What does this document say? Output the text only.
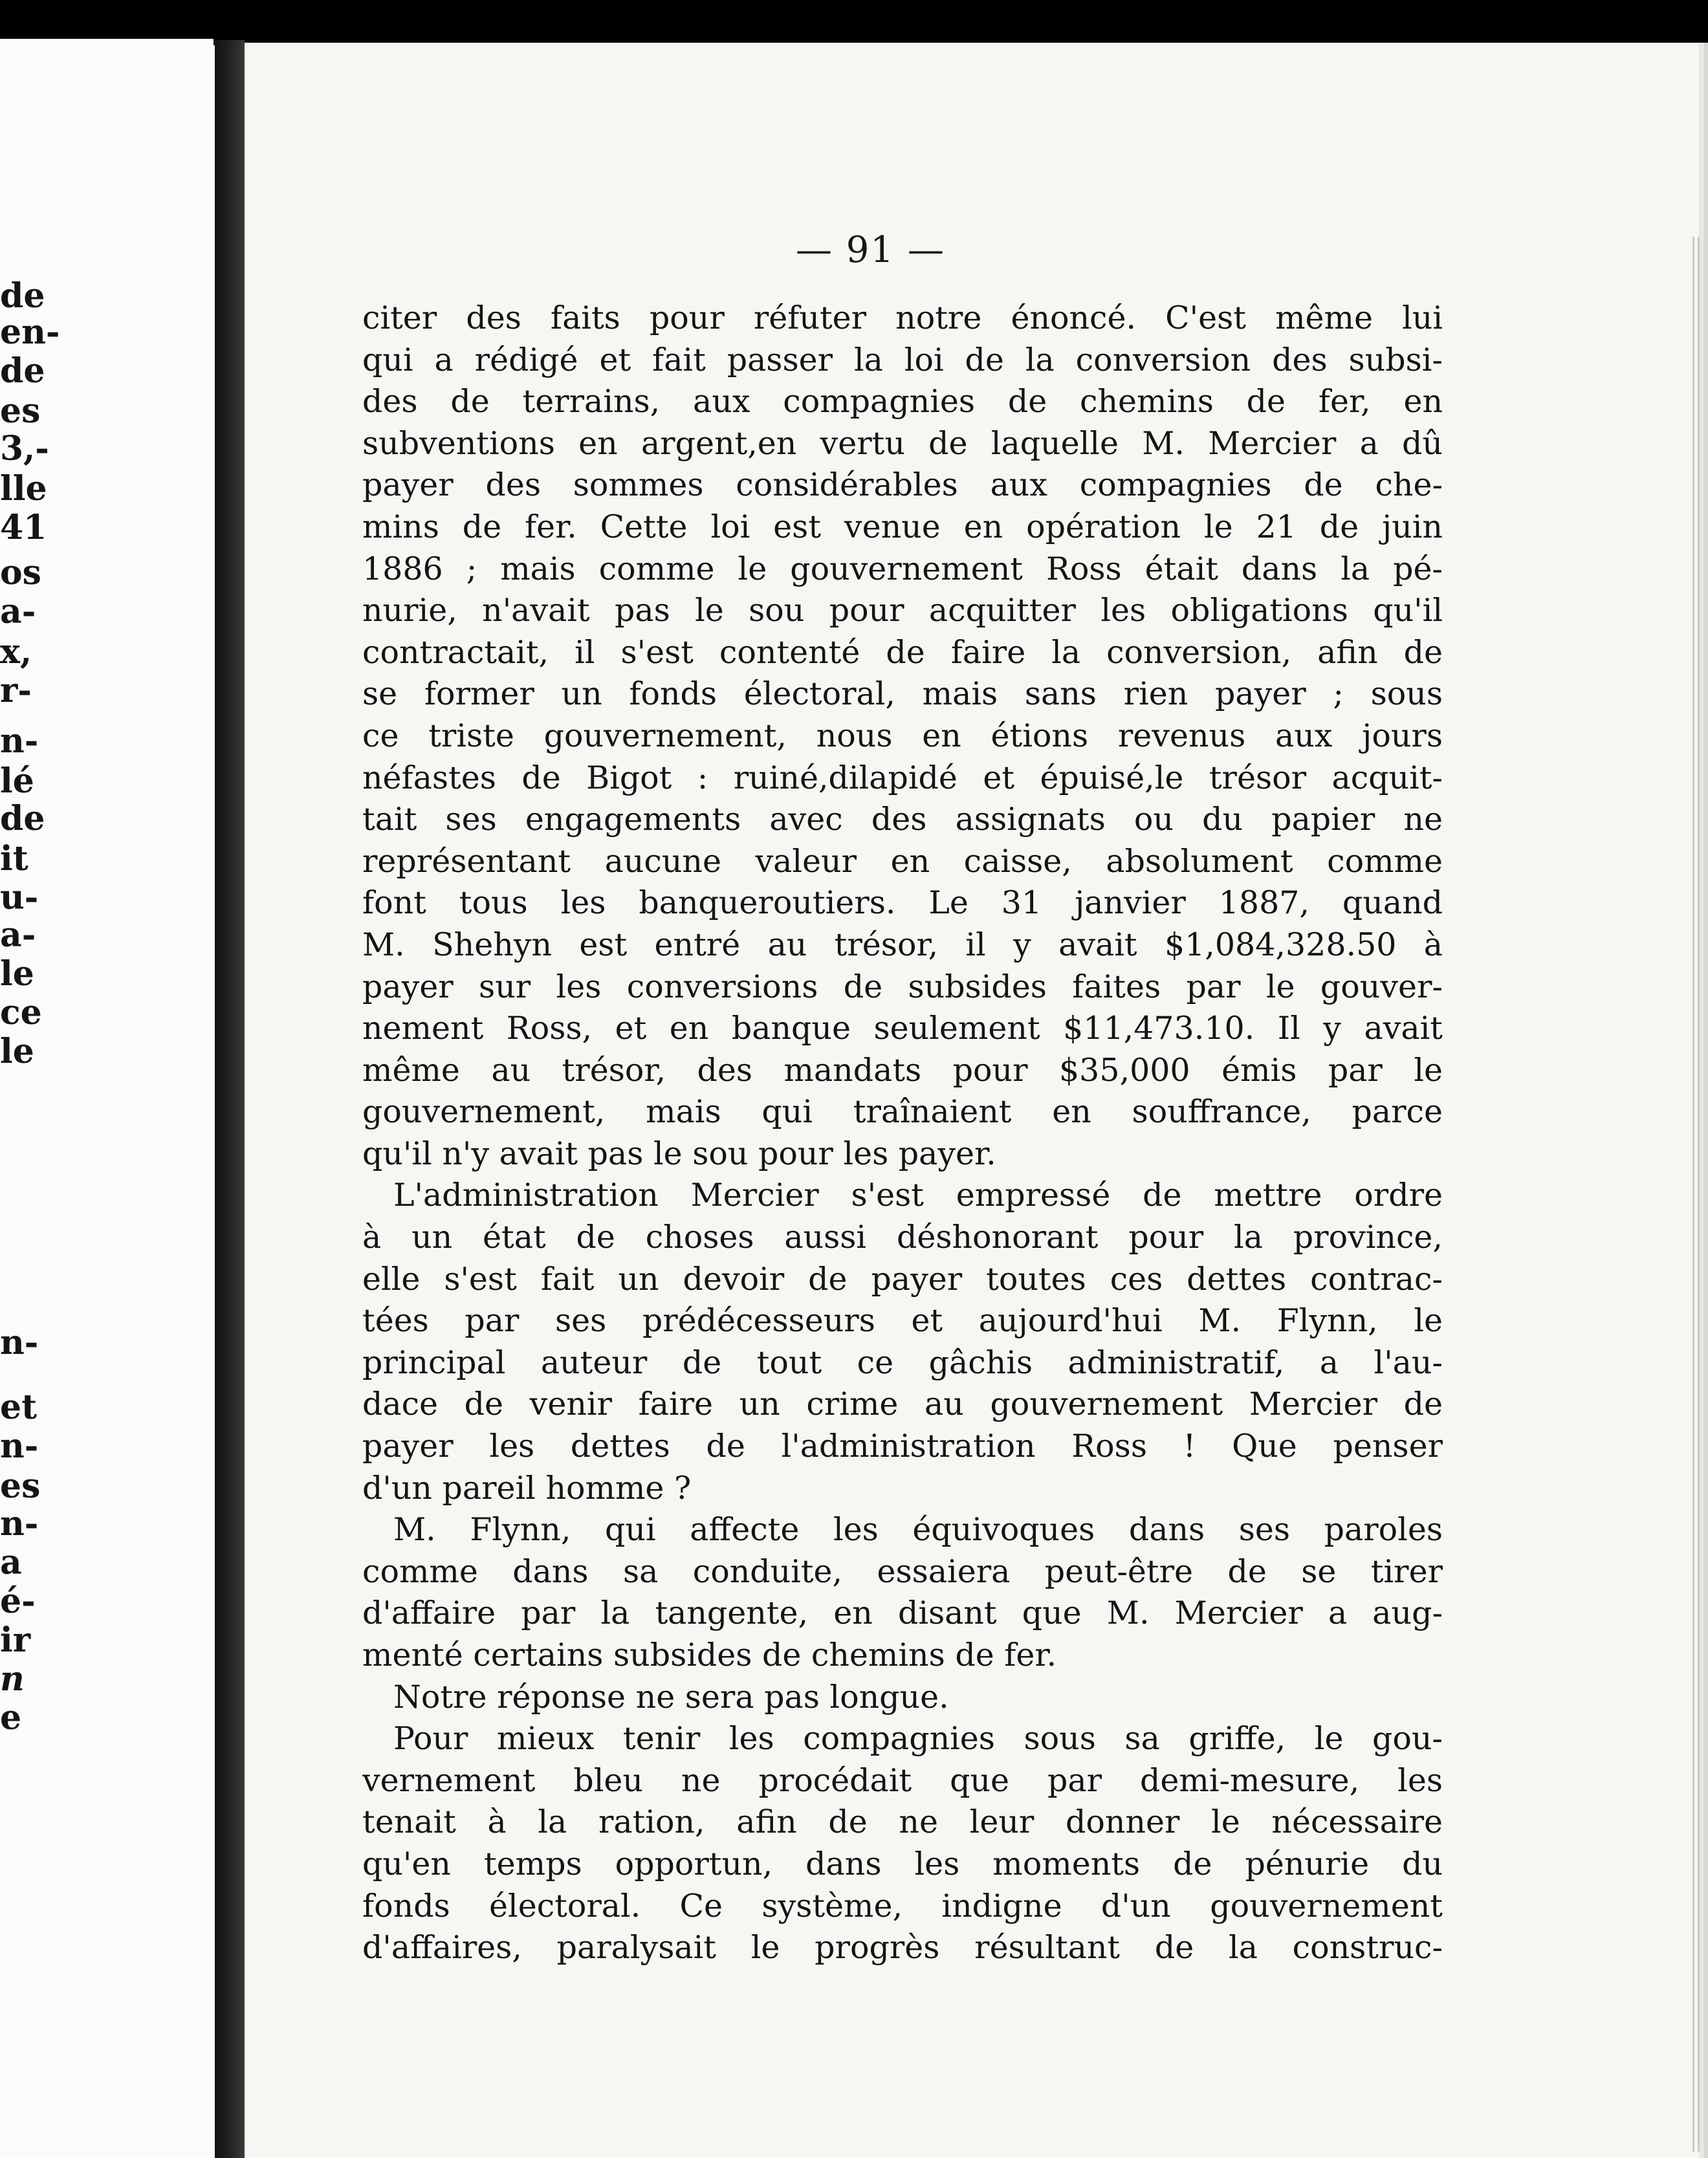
de

en-

de

es

3,-

lle

41

os

a-

x,

r-

n-

lé

de

it

u-

a-

le

ce

le

n-

et

n-

es

n-

a

é-

ir

n

e

— 91 —

citer des faits pour réfuter notre énoncé. C'est même lui
qui a rédigé et fait passer la loi de la conversion des subsi-
des de terrains, aux compagnies de chemins de fer, en
subventions en argent,en vertu de laquelle M. Mercier a dû
payer des sommes considérables aux compagnies de che-
mins de fer. Cette loi est venue en opération le 21 de juin
1886 ; mais comme le gouvernement Ross était dans la pé-
nurie, n'avait pas le sou pour acquitter les obligations qu'il
contractait, il s'est contenté de faire la conversion, afin de
se former un fonds électoral, mais sans rien payer ; sous
ce triste gouvernement, nous en étions revenus aux jours
néfastes de Bigot : ruiné,dilapidé et épuisé,le trésor acquit-
tait ses engagements avec des assignats ou du papier ne
représentant aucune valeur en caisse, absolument comme
font tous les banqueroutiers. Le 31 janvier 1887, quand
M. Shehyn est entré au trésor, il y avait $1,084,328.50 à
payer sur les conversions de subsides faites par le gouver-
nement Ross, et en banque seulement $11,473.10. Il y avait
même au trésor, des mandats pour $35,000 émis par le
gouvernement, mais qui traînaient en souffrance, parce
qu'il n'y avait pas le sou pour les payer.
L'administration Mercier s'est empressé de mettre ordre
à un état de choses aussi déshonorant pour la province,
elle s'est fait un devoir de payer toutes ces dettes contrac-
tées par ses prédécesseurs et aujourd'hui M. Flynn, le
principal auteur de tout ce gâchis administratif, a l'au-
dace de venir faire un crime au gouvernement Mercier de
payer les dettes de l'administration Ross ! Que penser
d'un pareil homme ?
M. Flynn, qui affecte les équivoques dans ses paroles
comme dans sa conduite, essaiera peut-être de se tirer
d'affaire par la tangente, en disant que M. Mercier a aug-
menté certains subsides de chemins de fer.
Notre réponse ne sera pas longue.
Pour mieux tenir les compagnies sous sa griffe, le gou-
vernement bleu ne procédait que par demi-mesure, les
tenait à la ration, afin de ne leur donner le nécessaire
qu'en temps opportun, dans les moments de pénurie du
fonds électoral. Ce système, indigne d'un gouvernement
d'affaires, paralysait le progrès résultant de la construc-
